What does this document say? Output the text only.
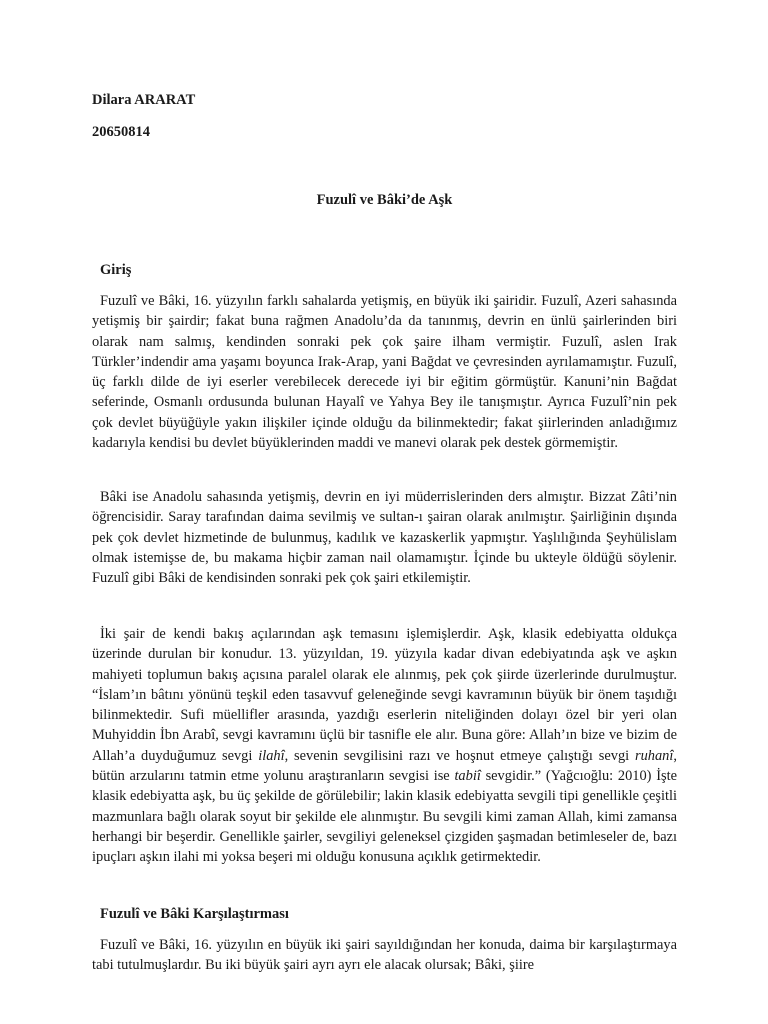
Dilara ARARAT
20650814
Fuzulî ve Bâki’de Aşk
Giriş

Fuzulî ve Bâki, 16. yüzyılın farklı sahalarda yetişmiş, en büyük iki şairidir. Fuzulî, Azeri sahasında yetişmiş bir şairdir; fakat buna rağmen Anadolu’da da tanınmış, devrin en ünlü şairlerinden biri olarak nam salmış, kendinden sonraki pek çok şaire ilham vermiştir. Fuzulî, aslen Irak Türkler’indendir ama yaşamı boyunca Irak-Arap, yani Bağdat ve çevresinden ayrılamamıştır. Fuzulî, üç farklı dilde de iyi eserler verebilecek derecede iyi bir eğitim görmüştür. Kanuni’nin Bağdat seferinde, Osmanlı ordusunda bulunan Hayalî ve Yahya Bey ile tanışmıştır. Ayrıca Fuzulî’nin pek çok devlet büyüğüyle yakın ilişkiler içinde olduğu da bilinmektedir; fakat şiirlerinden anladığımız kadarıyla kendisi bu devlet büyüklerinden maddi ve manevi olarak pek destek görmemiştir.

Bâki ise Anadolu sahasında yetişmiş, devrin en iyi müderrislerinden ders almıştır. Bizzat Zâti’nin öğrencisidir. Saray tarafından daima sevilmiş ve sultan-ı şairan olarak anılmıştır. Şairliğinin dışında pek çok devlet hizmetinde de bulunmuş, kadılık ve kazaskerlik yapmıştır. Yaşlılığında Şeyhülislam olmak istemişse de, bu makama hiçbir zaman nail olamamıştır. İçinde bu ukteyle öldüğü söylenir. Fuzulî gibi Bâki de kendisinden sonraki pek çok şairi etkilemiştir.

İki şair de kendi bakış açılarından aşk temasını işlemişlerdir. Aşk, klasik edebiyatta oldukça üzerinde durulan bir konudur. 13. yüzyıldan, 19. yüzyıla kadar divan edebiyatında aşk ve aşkın mahiyeti toplumun bakış açısına paralel olarak ele alınmış, pek çok şiirde üzerlerinde durulmuştur. “İslam’ın bâtını yönünü teşkil eden tasavvuf geleneğinde sevgi kavramının büyük bir önem taşıdığı bilinmektedir. Sufi müellifler arasında, yazdığı eserlerin niteliğinden dolayı özel bir yeri olan Muhyiddin İbn Arabî, sevgi kavramını üçlü bir tasnifle ele alır. Buna göre: Allah’ın bize ve bizim de Allah’a duyduğumuz sevgi ilahî, sevenin sevgilisini razı ve hoşnut etmeye çalıştığı sevgi ruhanî, bütün arzularını tatmin etme yolunu araştıranların sevgisi ise tabiî sevgidir.” (Yağcıoğlu: 2010) İşte klasik edebiyatta aşk, bu üç şekilde de görülebilir; lakin klasik edebiyatta sevgili tipi genellikle çeşitli mazmunlara bağlı olarak soyut bir şekilde ele alınmıştır. Bu sevgili kimi zaman Allah, kimi zamansa herhangi bir beşerdir. Genellikle şairler, sevgiliyi geleneksel çizgiden şaşmadan betimleseler de, bazı ipuçları aşkın ilahi mi yoksa beşeri mi olduğu konusuna açıklık getirmektedir.

Fuzulî ve Bâki Karşılaştırması

Fuzulî ve Bâki, 16. yüzyılın en büyük iki şairi sayıldığından her konuda, daima bir karşılaştırmaya tabi tutulmuşlardır. Bu iki büyük şairi ayrı ayrı ele alacak olursak; Bâki, şiire
